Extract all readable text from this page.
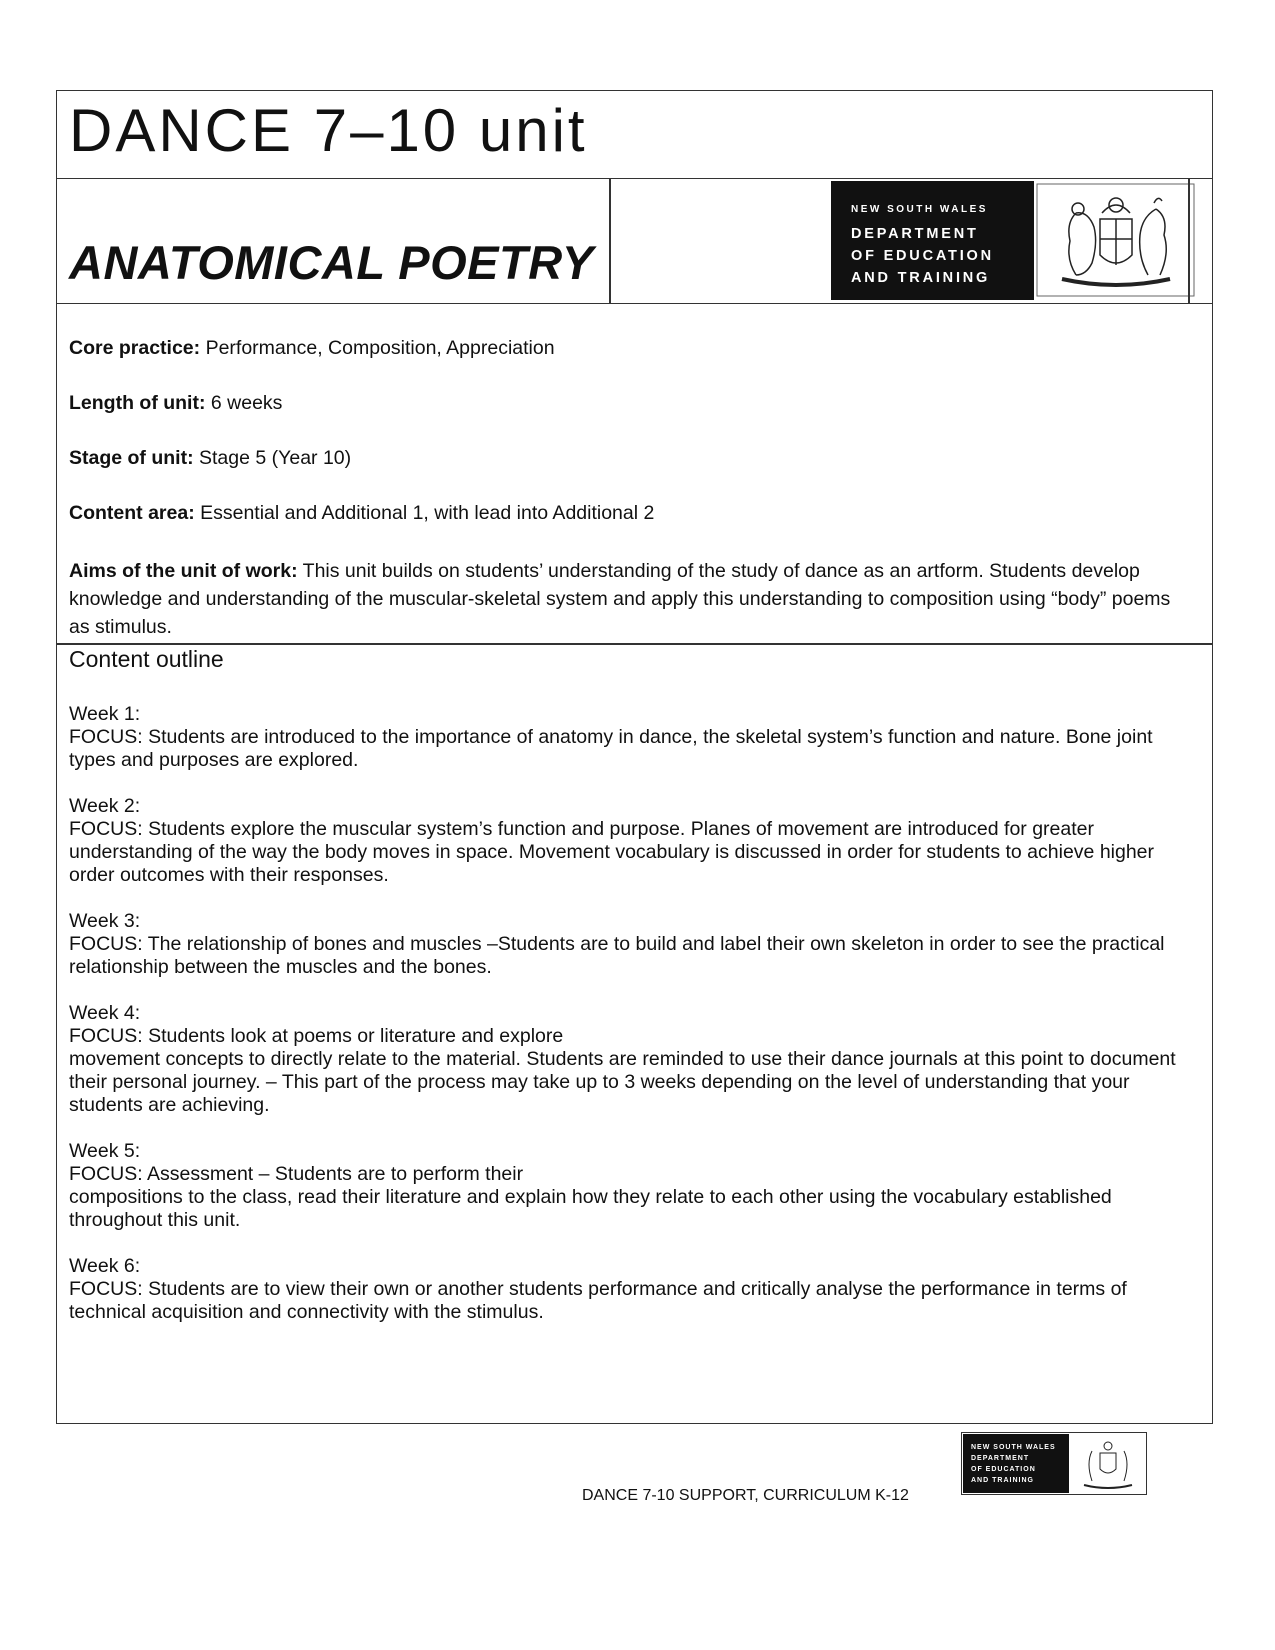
DANCE 7–10 unit
ANATOMICAL POETRY
NEW SOUTH WALES
DEPARTMENT
OF EDUCATION
AND TRAINING
Core practice: Performance, Composition, Appreciation
Length of unit: 6 weeks
Stage of unit: Stage 5 (Year 10)
Content area: Essential and Additional 1, with lead into Additional 2
Aims of the unit of work: This unit builds on students’ understanding of the study of dance as an artform. Students develop knowledge and understanding of the muscular-skeletal system and apply this understanding to composition using “body” poems as stimulus.
Content outline
Week 1:
FOCUS: Students are introduced to the importance of anatomy in dance, the skeletal system’s function and nature. Bone joint types and purposes are explored.
Week 2:
FOCUS: Students explore the muscular system’s function and purpose. Planes of movement are introduced for greater understanding of the way the body moves in space. Movement vocabulary is discussed in order for students to achieve higher order outcomes with their responses.
Week 3:
FOCUS: The relationship of bones and muscles –Students are to build and label their own skeleton in order to see the practical relationship between the muscles and the bones.
Week 4:
FOCUS: Students look at poems or literature and explore
movement concepts to directly relate to the material. Students are reminded to use their dance journals at this point to document their personal journey. – This part of the process may take up to 3 weeks depending on the level of understanding that your students are achieving.
Week 5:
FOCUS: Assessment – Students are to perform their
compositions to the class, read their literature and explain how they relate to each other using the vocabulary established throughout this unit.
Week 6:
FOCUS: Students are to view their own or another students performance and critically analyse the performance in terms of technical acquisition and connectivity with the stimulus.
DANCE 7-10 SUPPORT, CURRICULUM K-12
NEW SOUTH WALES
DEPARTMENT
OF EDUCATION
AND TRAINING
